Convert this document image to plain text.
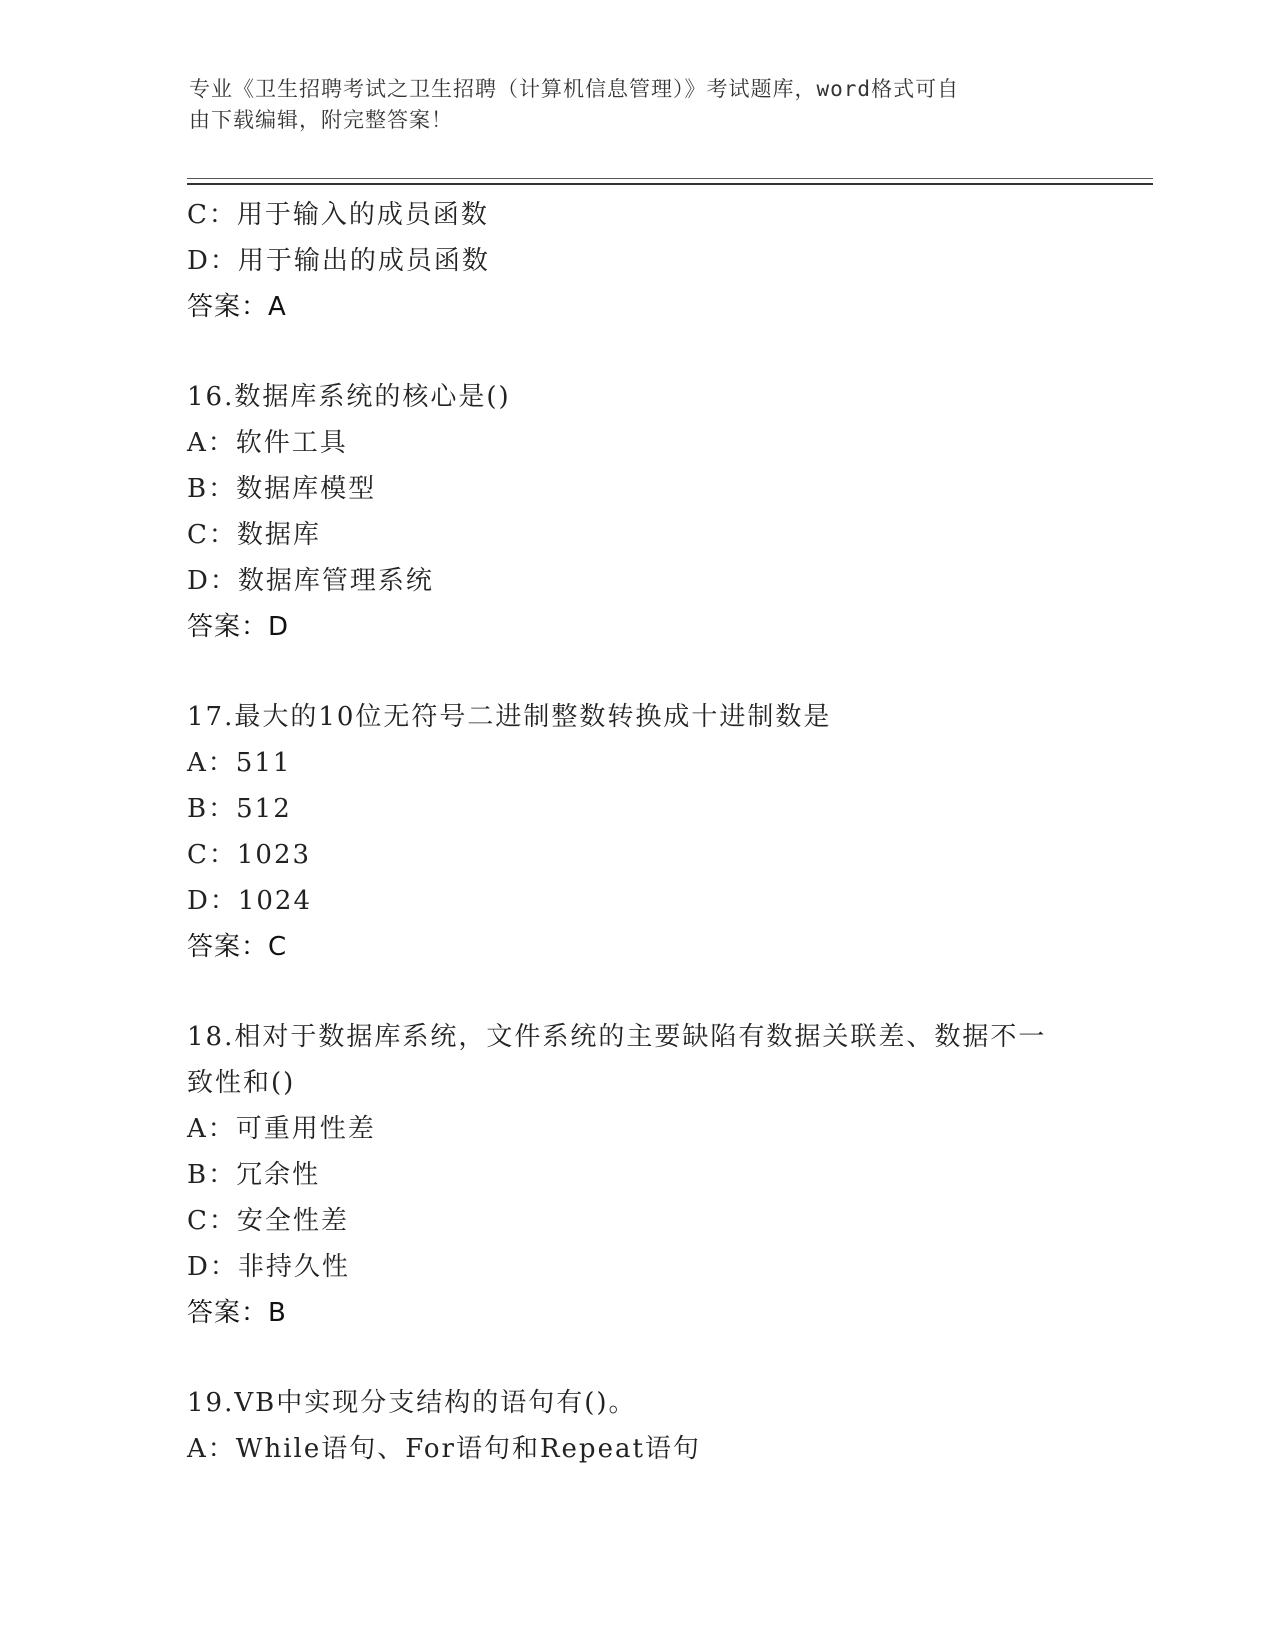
专业《卫生招聘考试之卫生招聘（计算机信息管理）》考试题库，word格式可自
由下载编辑，附完整答案！
C：用于输入的成员函数
D：用于输出的成员函数
答案：A
16.数据库系统的核心是()
A：软件工具
B：数据库模型
C：数据库
D：数据库管理系统
答案：D
17.最大的10位无符号二进制整数转换成十进制数是
A：511
B：512
C：1023
D：1024
答案：C
18.相对于数据库系统，文件系统的主要缺陷有数据关联差、数据不一
致性和()
A：可重用性差
B：冗余性
C：安全性差
D：非持久性
答案：B
19.VB中实现分支结构的语句有()。
A：While语句、For语句和Repeat语句
